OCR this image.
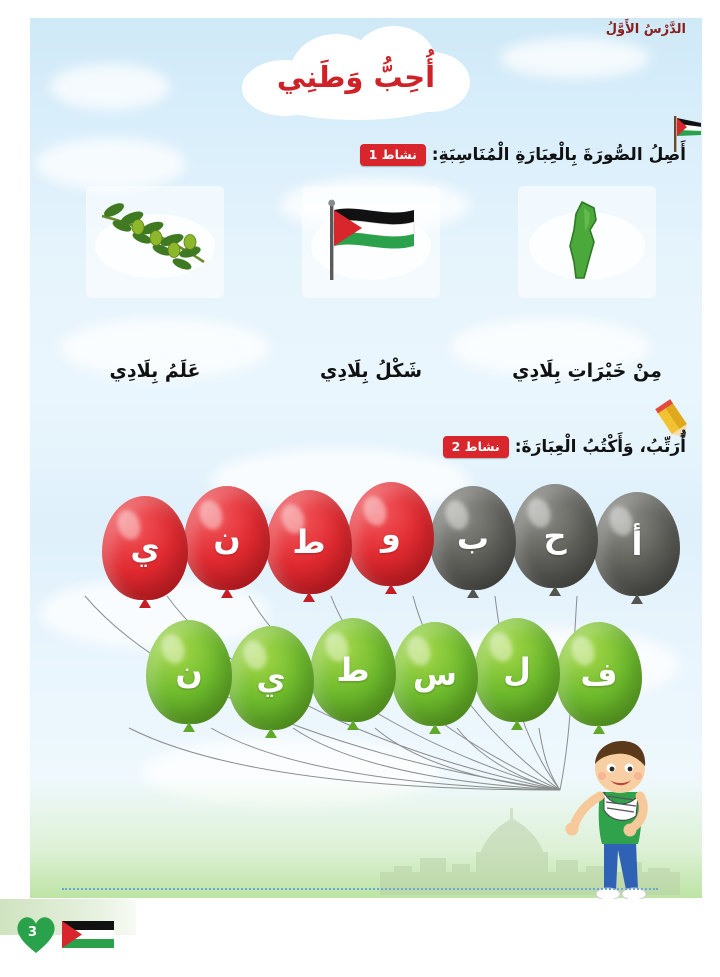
الدَّرْسُ الأَوَّلُ
أُحِبُّ وَطَنِي
أَصِلُ الصُّورَةَ بِالْعِبَارَةِ الْمُنَاسِبَةِ:
نشاط 1
مِنْ خَيْرَاتِ بِلَادِي
شَكْلُ بِلَادِي
عَلَمُ بِلَادِي
أُرَتِّبُ، وَأَكْتُبُ الْعِبَارَةَ:
نشاط 2
أ
ح
ب
و
ط
ن
ي
ف
ل
س
ط
ي
ن
3
